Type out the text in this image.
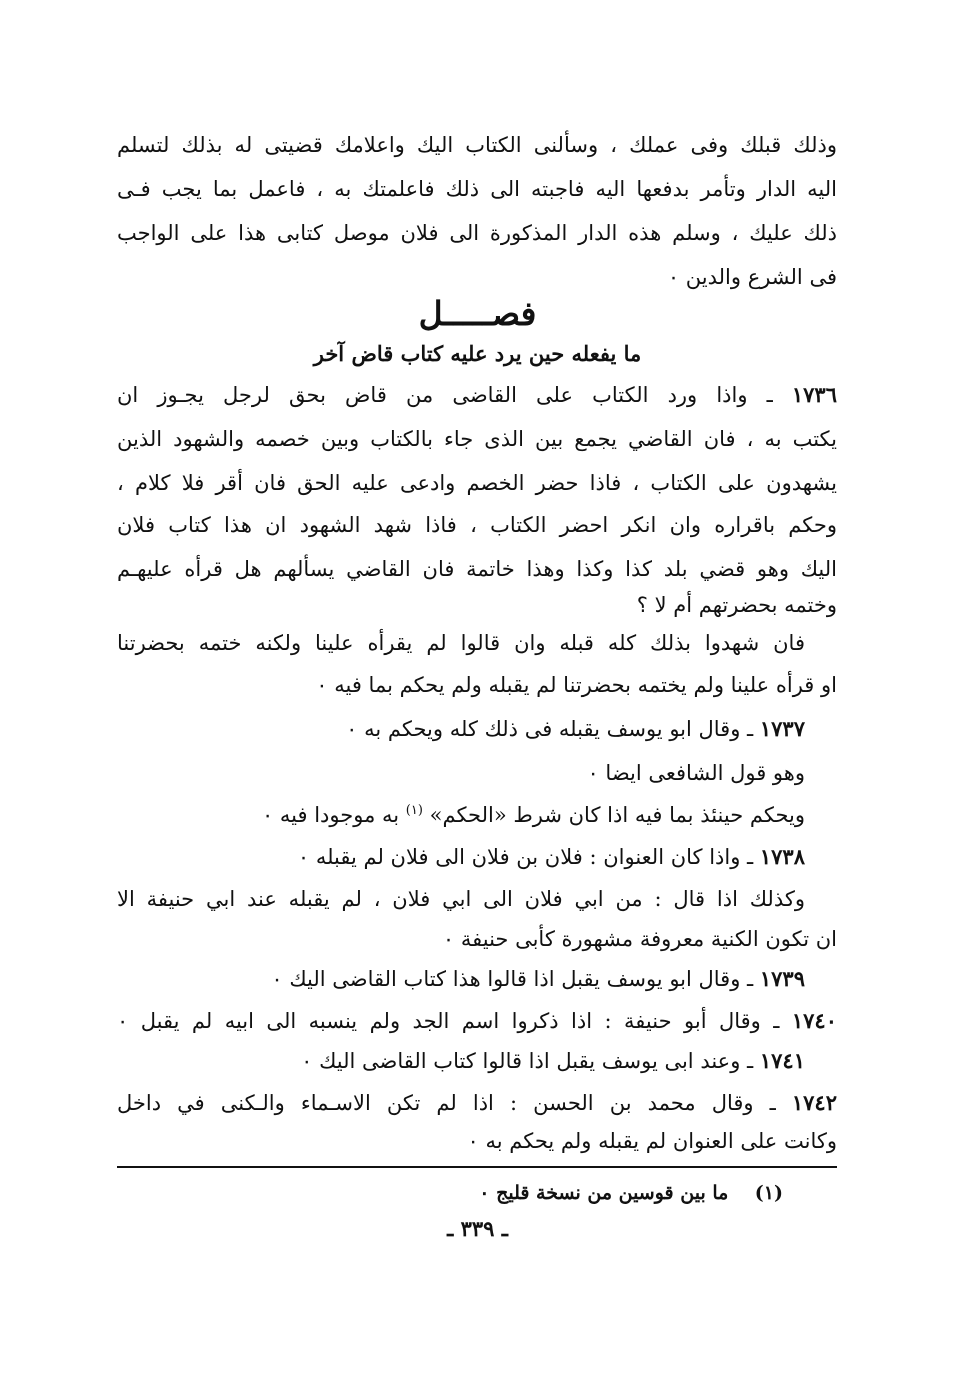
وذلك قبلك وفى عملك ، وسألنى الكتاب اليك واعلامك قضيتى له بذلك لتسلم
اليه الدار وتأمر بدفعها اليه فاجبته الى ذلك فاعلمتك به ، فاعمل بما يجب فـى
ذلك عليك ، وسلم هذه الدار المذكورة الى فلان موصل كتابى هذا على الواجب
فى الشرع والدين ٠
فصـــــل
ما يفعله حين يرد عليه كتاب قاض آخر
١٧٣٦ ـ واذا ورد الكتاب على القاضى من قاض بحق لرجل يجـوز ان
يكتب به ، فان القاضي يجمع بين الذى جاء بالكتاب وبين خصمه والشهود الذين
يشهدون على الكتاب ، فاذا حضر الخصم وادعى عليه الحق فان أقر فلا كلام ،
وحكم باقراره وان انكر احضر الكتاب ، فاذا شهد الشهود ان هذا كتاب فلان
اليك وهو قضي بلد كذا وكذا وهذا خاتمة فان القاضي يسألهم هل قرأه عليهـم
وختمه بحضرتهم أم لا ؟
فان شهدوا بذلك كله قبله وان قالوا لم يقرأه علينا ولكنه ختمه بحضرتنا
او قرأه علينا ولم يختمه بحضرتنا لم يقبله ولم يحكم بما فيه ٠
١٧٣٧ ـ وقال ابو يوسف يقبله فى ذلك كله ويحكم به ٠
وهو قول الشافعى ايضا ٠
ويحكم حينئذ بما فيه اذا كان شرط «الحكم» $^{(١)}$ به موجودا فيه ٠
١٧٣٨ ـ واذا كان العنوان : فلان بن فلان الى فلان لم يقبله ٠
وكذلك اذا قال : من ابي فلان الى ابي فلان ، لم يقبله عند ابي حنيفة الا
ان تكون الكنية معروفة مشهورة كأبى حنيفة ٠
١٧٣٩ ـ وقال ابو يوسف يقبل اذا قالوا هذا كتاب القاضى اليك ٠
١٧٤٠ ـ وقال أبو حنيفة : اذا ذكروا اسم الجد ولم ينسبه الى ابيه لم يقبل ٠
١٧٤١ ـ وعند ابى يوسف يقبل اذا قالوا كتاب القاضى اليك ٠
١٧٤٢ ـ وقال محمد بن الحسن : اذا لم تكن الاسـماء والـكنى في داخل
وكانت على العنوان لم يقبله ولم يحكم به ٠
(١)    ما بين قوسين من نسخة قليج ٠
ـ ٣٣٩ ـ
